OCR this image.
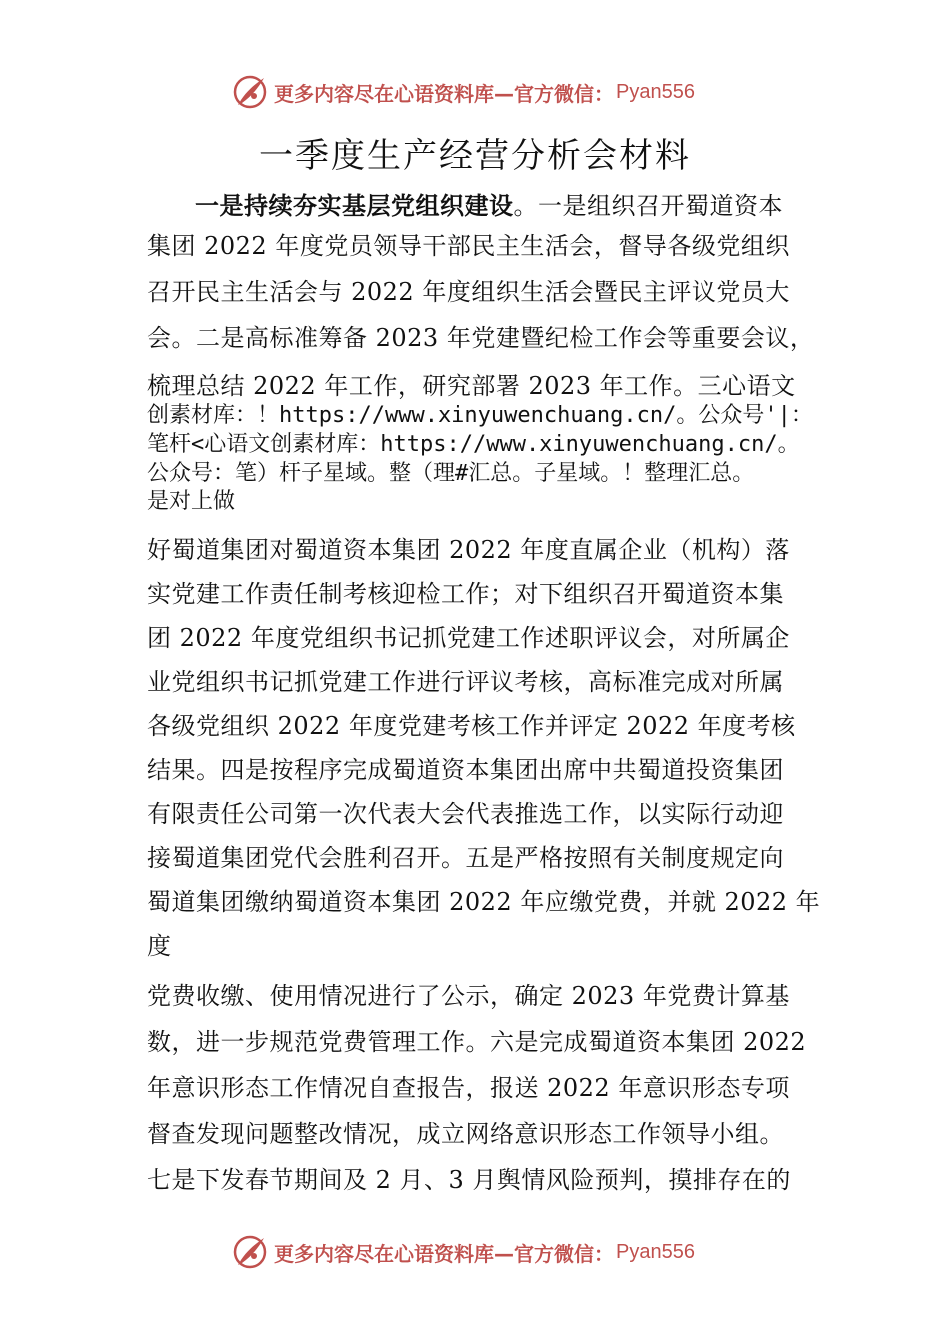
更多内容尽在心语资料库—官方微信： Pyan556
一季度生产经营分析会材料
一是持续夯实基层党组织建设。一是组织召开蜀道资本
集团 2022 年度党员领导干部民主生活会，督导各级党组织
召开民主生活会与 2022 年度组织生活会暨民主评议党员大
会。二是高标准筹备 2023 年党建暨纪检工作会等重要会议，
梳理总结 2022 年工作，研究部署 2023 年工作。三心语文
创素材库：！https://www.xinyuwenchuang.cn/。公众号'|：
笔杆<心语文创素材库：https://www.xinyuwenchuang.cn/。
公众号：笔）杆子星域。整（理#汇总。子星域。！整理汇总。
是对上做
好蜀道集团对蜀道资本集团 2022 年度直属企业（机构）落
实党建工作责任制考核迎检工作；对下组织召开蜀道资本集
团 2022 年度党组织书记抓党建工作述职评议会，对所属企
业党组织书记抓党建工作进行评议考核，高标准完成对所属
各级党组织 2022 年度党建考核工作并评定 2022 年度考核
结果。四是按程序完成蜀道资本集团出席中共蜀道投资集团
有限责任公司第一次代表大会代表推选工作，以实际行动迎
接蜀道集团党代会胜利召开。五是严格按照有关制度规定向
蜀道集团缴纳蜀道资本集团 2022 年应缴党费，并就 2022 年
度
党费收缴、使用情况进行了公示，确定 2023 年党费计算基
数，进一步规范党费管理工作。六是完成蜀道资本集团 2022
年意识形态工作情况自查报告，报送 2022 年意识形态专项
督查发现问题整改情况，成立网络意识形态工作领导小组。
七是下发春节期间及 2 月、3 月舆情风险预判，摸排存在的
更多内容尽在心语资料库—官方微信： Pyan556
